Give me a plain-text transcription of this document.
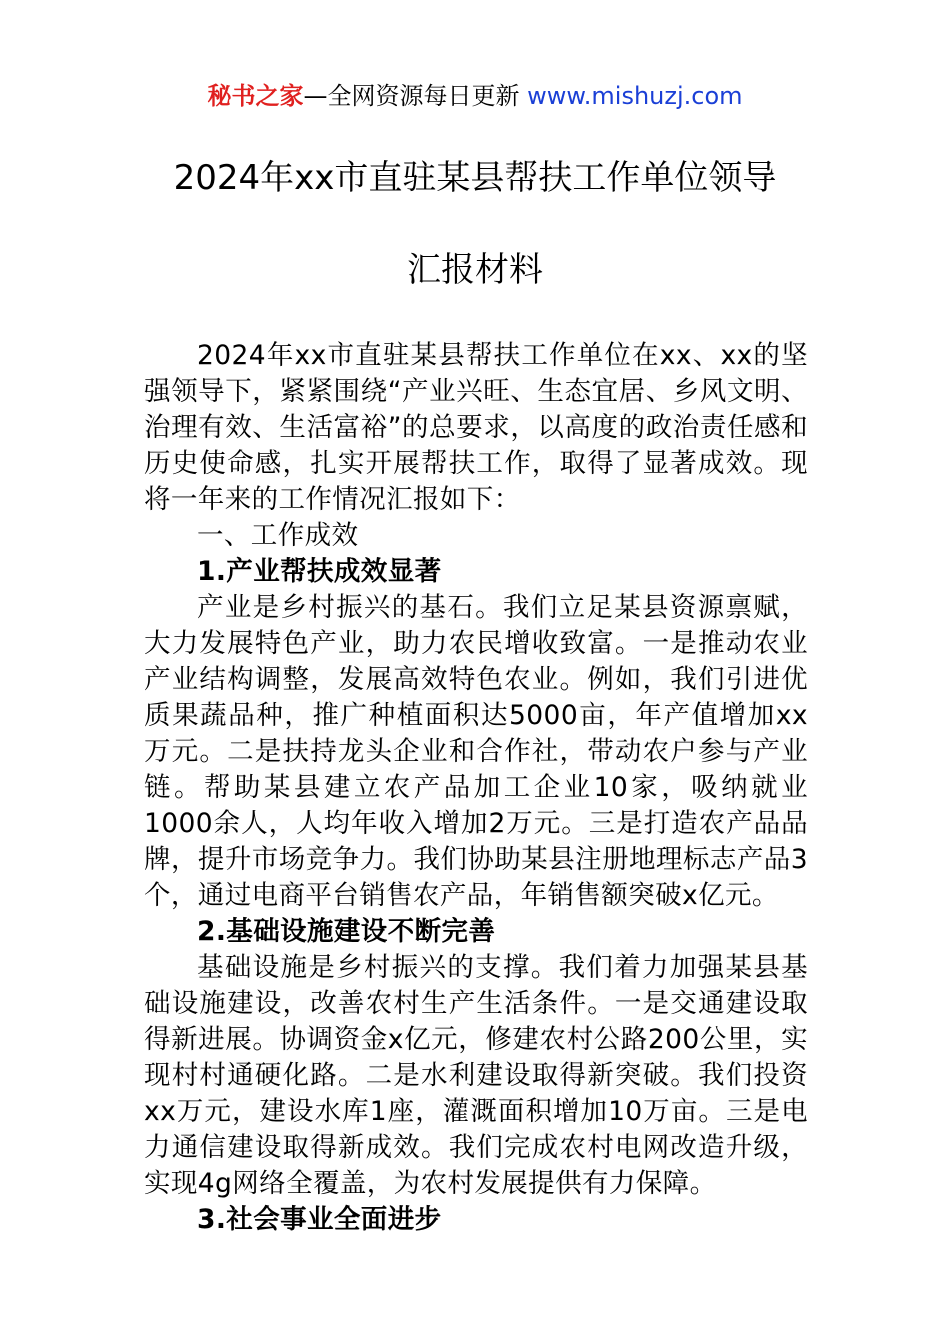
秘书之家—全网资源每日更新 www.mishuzj.com
2024年xx市直驻某县帮扶工作单位领导
汇报材料

2024年xx市直驻某县帮扶工作单位在xx、xx的坚强领导下，紧紧围绕“产业兴旺、生态宜居、乡风文明、治理有效、生活富裕”的总要求，以高度的政治责任感和历史使命感，扎实开展帮扶工作，取得了显著成效。现将一年来的工作情况汇报如下：

一、工作成效

1.产业帮扶成效显著

产业是乡村振兴的基石。我们立足某县资源禀赋，大力发展特色产业，助力农民增收致富。一是推动农业产业结构调整，发展高效特色农业。例如，我们引进优质果蔬品种，推广种植面积达5000亩，年产值增加xx万元。二是扶持龙头企业和合作社，带动农户参与产业链。帮助某县建立农产品加工企业10家，吸纳就业1000余人，人均年收入增加2万元。三是打造农产品品牌，提升市场竞争力。我们协助某县注册地理标志产品3个，通过电商平台销售农产品，年销售额突破x亿元。

2.基础设施建设不断完善

基础设施是乡村振兴的支撑。我们着力加强某县基础设施建设，改善农村生产生活条件。一是交通建设取得新进展。协调资金x亿元，修建农村公路200公里，实现村村通硬化路。二是水利建设取得新突破。我们投资xx万元，建设水库1座，灌溉面积增加10万亩。三是电力通信建设取得新成效。我们完成农村电网改造升级，实现4g网络全覆盖，为农村发展提供有力保障。

3.社会事业全面进步
